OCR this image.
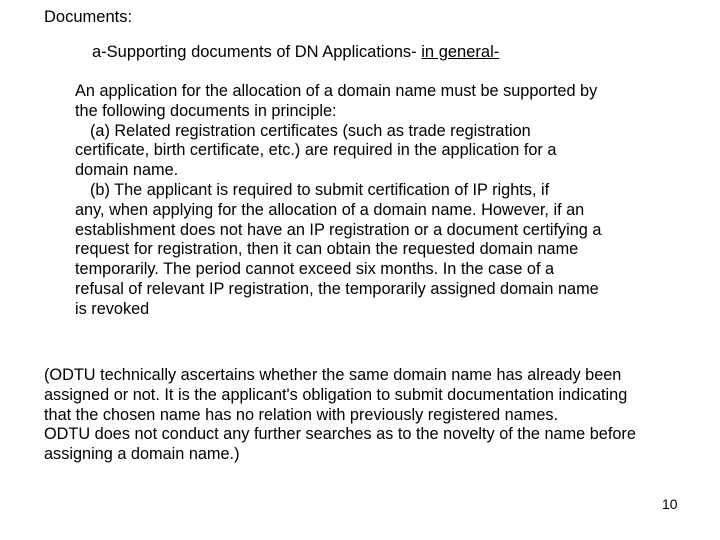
Documents:
a-Supporting documents of DN Applications- in general-
An application for the allocation of a domain name must be supported by
the following documents in principle:
(a) Related registration certificates (such as trade registration
certificate, birth certificate, etc.) are required in the application for a
domain name.
(b) The applicant is required to submit certification of IP rights, if
any, when applying for the allocation of a domain name. However, if an
establishment does not have an IP registration or a document certifying a
request for registration, then it can obtain the requested domain name
temporarily. The period cannot exceed six months. In the case of a
refusal of relevant IP registration, the temporarily assigned domain name
is revoked
(ODTU technically ascertains whether the same domain name has already been
assigned or not. It is the applicant's obligation to submit documentation indicating
that the chosen name has no relation with previously registered names.
ODTU does not conduct any further searches as to the novelty of the name before
assigning a domain name.)
10
